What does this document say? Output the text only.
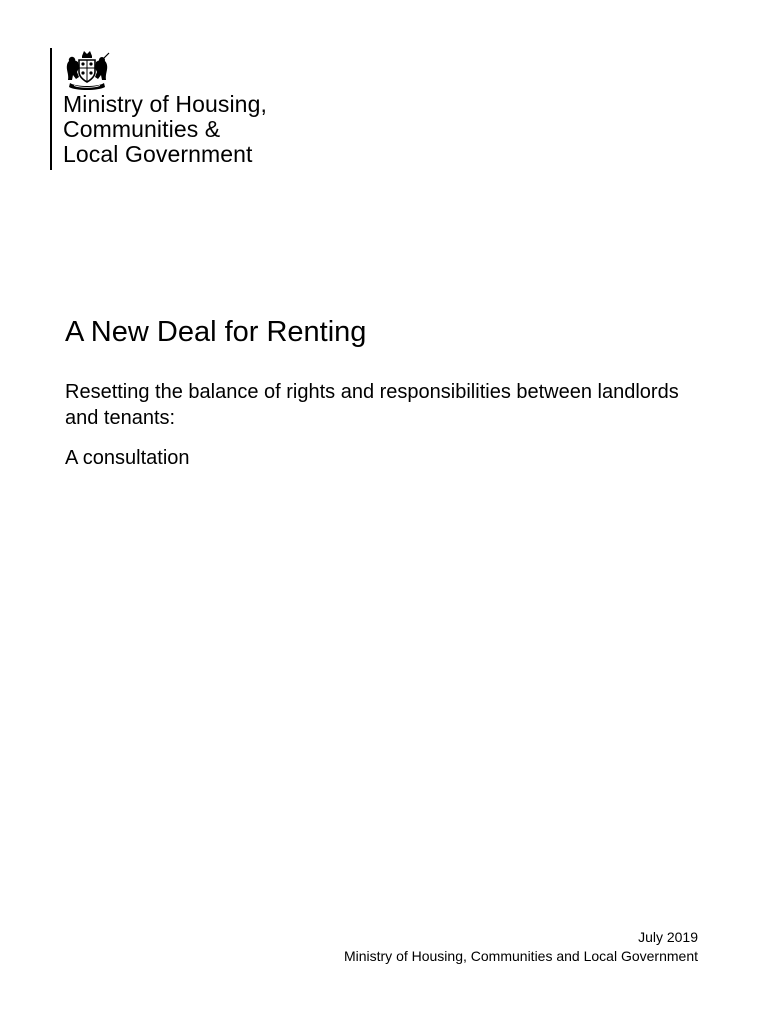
Ministry of Housing,
Communities &
Local Government
A New Deal for Renting

Resetting the balance of rights and responsibilities between landlords and tenants:

A consultation

July 2019
Ministry of Housing, Communities and Local Government
